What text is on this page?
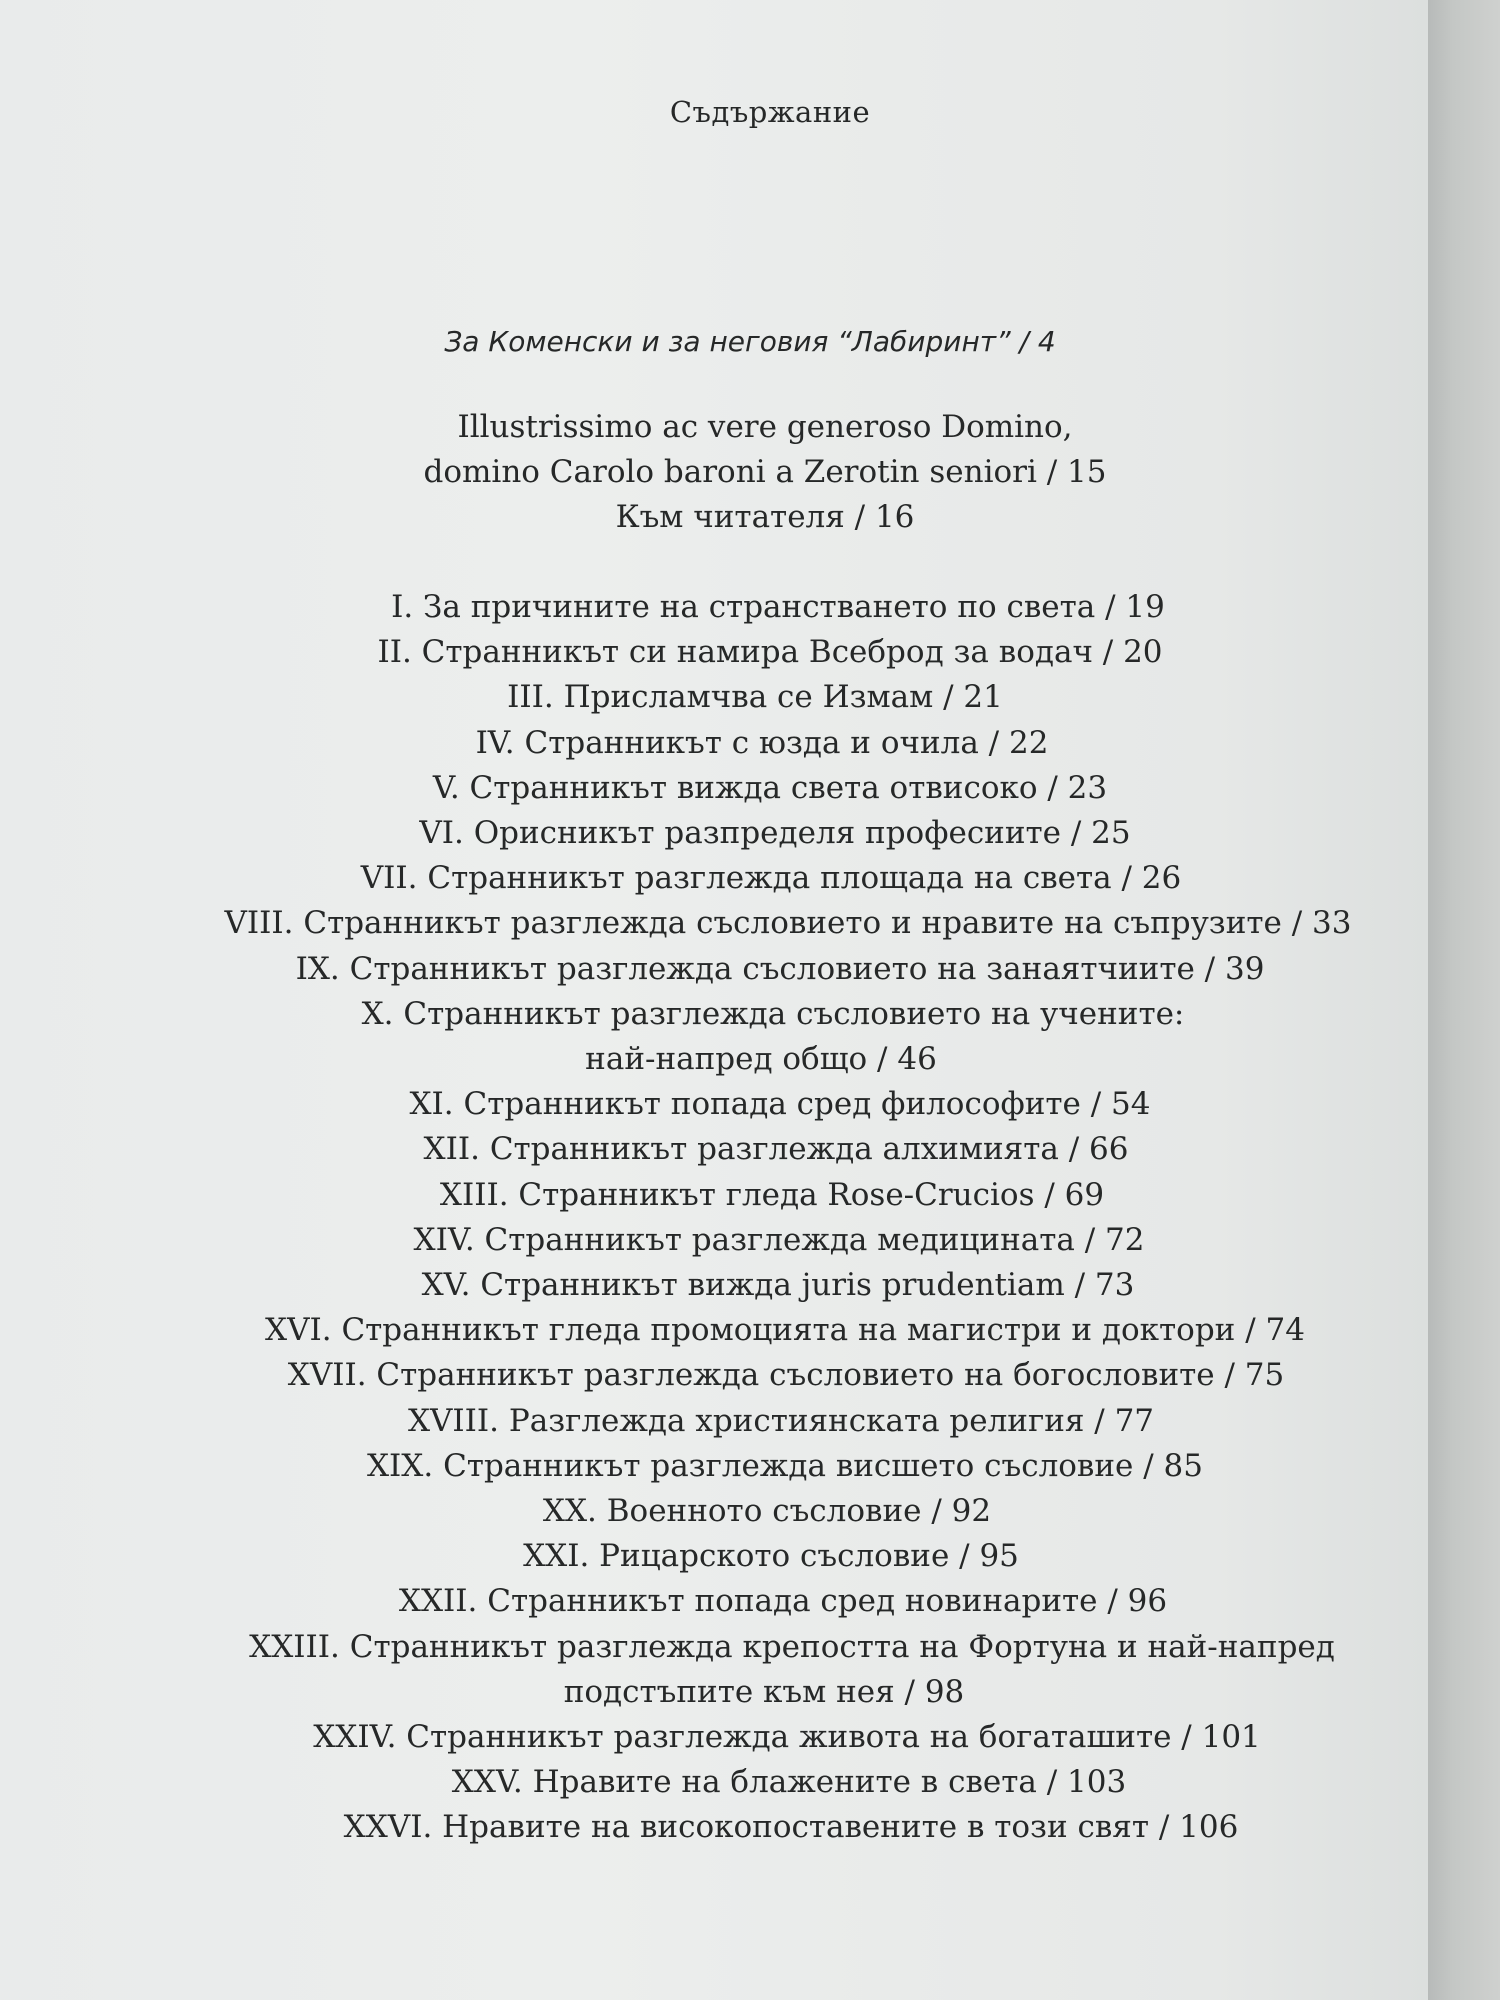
Съдържание
За Коменски и за неговия “Лабиринт” / 4
Illustrissimo ac vere generoso Domino,
domino Carolo baroni a Zerotin seniori / 15
Към читателя / 16
I. За причините на странстването по света / 19
II. Странникът си намира Всеброд за водач / 20
III. Присламчва се Измам / 21
IV. Странникът с юзда и очила / 22
V. Странникът вижда света отвисоко / 23
VI. Орисникът разпределя професиите / 25
VII. Странникът разглежда площада на света / 26
VIII. Странникът разглежда съсловието и нравите на съпрузите / 33
IX. Странникът разглежда съсловието на занаятчиите / 39
X. Странникът разглежда съсловието на учените:
най-напред общо / 46
XI. Странникът попада сред философите / 54
XII. Странникът разглежда алхимията / 66
XIII. Странникът гледа Rose-Crucios / 69
XIV. Странникът разглежда медицината / 72
XV. Странникът вижда juris prudentiam / 73
XVI. Странникът гледа промоцията на магистри и доктори / 74
XVII. Странникът разглежда съсловието на богословите / 75
XVIII. Разглежда християнската религия / 77
XIX. Странникът разглежда висшето съсловие / 85
XX. Военното съсловие / 92
XXI. Рицарското съсловие / 95
XXII. Странникът попада сред новинарите / 96
XXIII. Странникът разглежда крепостта на Фортуна и най-напред
подстъпите към нея / 98
XXIV. Странникът разглежда живота на богаташите / 101
XXV. Нравите на блажените в света / 103
XXVI. Нравите на високопоставените в този свят / 106
